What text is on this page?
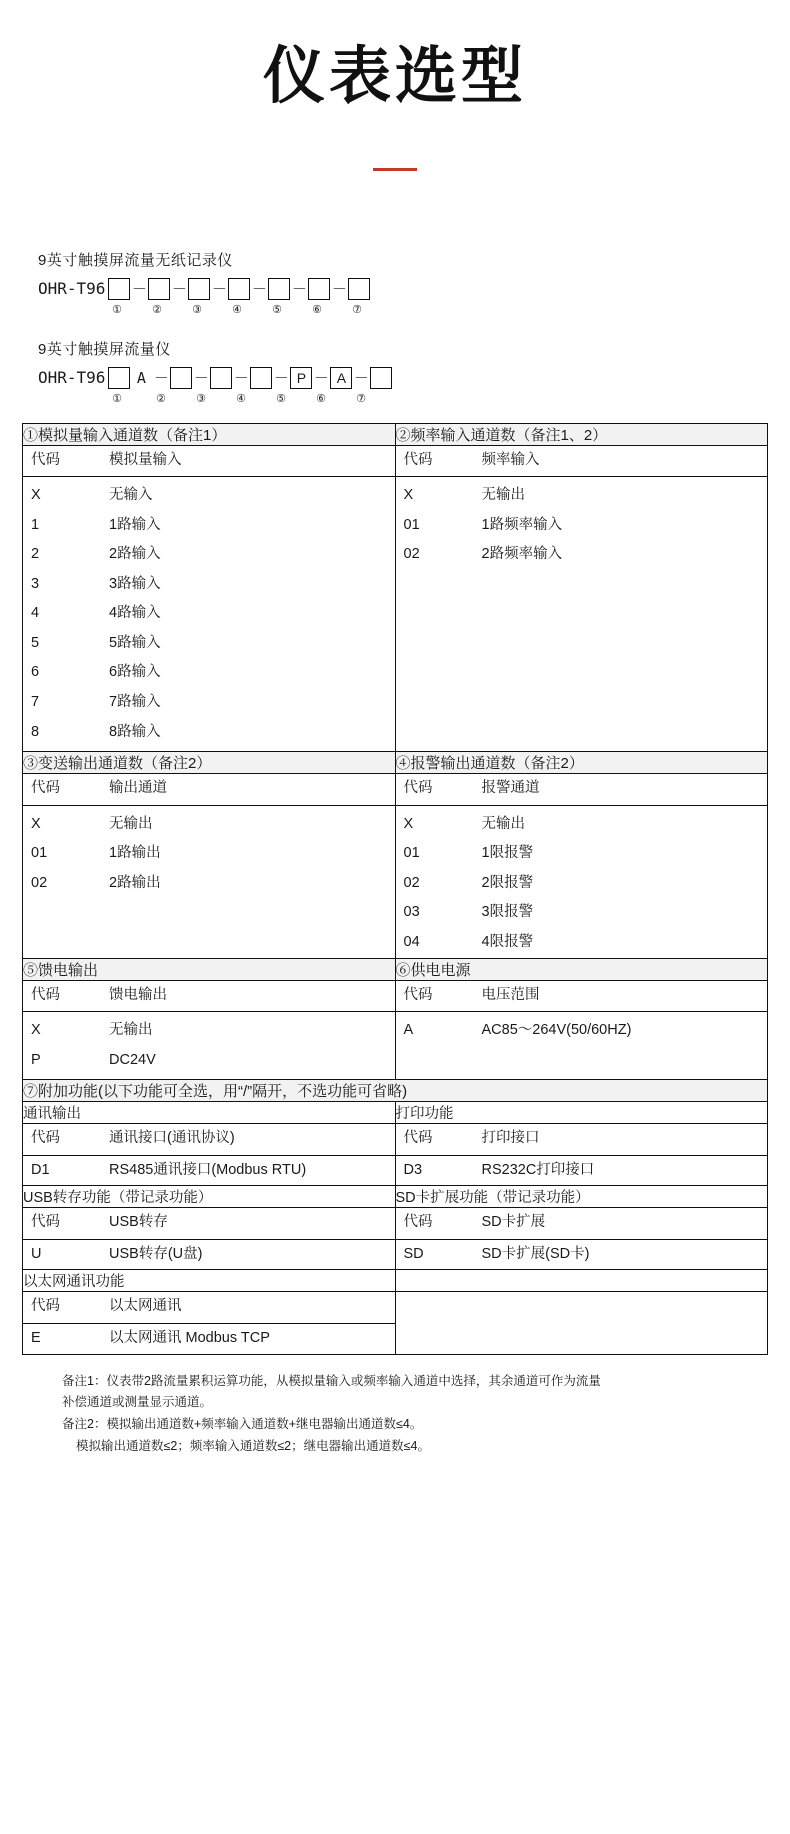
仪表选型
9英寸触摸屏流量无纸记录仪
OHR-T96 － － － － － －
①	②	③	④	⑤	⑥	⑦
9英寸触摸屏流量仪
OHR-T96	A － － － － P － A －
①	②	③	④	⑤	⑥	⑦
①模拟量输入通道数（备注1）	②频率输入通道数（备注1、2）

代码	模拟量输入
X	无输入
1	1路输入
2	2路输入
3	3路输入
4	4路输入
5	5路输入
6	6路输入
7	7路输入
8	8路输入

代码	频率输入
X	无输出
01	1路频率输入
02	2路频率输入

③变送输出通道数（备注2）	④报警输出通道数（备注2）

代码	输出通道
X	无输出
01	1路输出
02	2路输出

代码	报警通道
X	无输出
01	1限报警
02	2限报警
03	3限报警
04	4限报警

⑤馈电输出	⑥供电电源

代码	馈电输出
X	无输出
P	DC24V

代码	电压范围
A	AC85～264V(50/60HZ)

⑦附加功能(以下功能可全选，用“/”隔开，不选功能可省略)
通讯输出	打印功能

代码	通讯接口(通讯协议)
D1	RS485通讯接口(Modbus RTU)

代码	打印接口
D3	RS232C打印接口

USB转存功能（带记录功能）	SD卡扩展功能（带记录功能）

代码	USB转存
U	USB转存(U盘)

代码	SD卡扩展
SD	SD卡扩展(SD卡)

以太网通讯功能	

代码	以太网通讯
E	以太网通讯 Modbus TCP

备注1：仪表带2路流量累积运算功能，从模拟量输入或频率输入通道中选择，其余通道可作为流量

补偿通道或测量显示通道。

备注2：模拟输出通道数+频率输入通道数+继电器输出通道数≤4。

模拟输出通道数≤2；频率输入通道数≤2；继电器输出通道数≤4。
